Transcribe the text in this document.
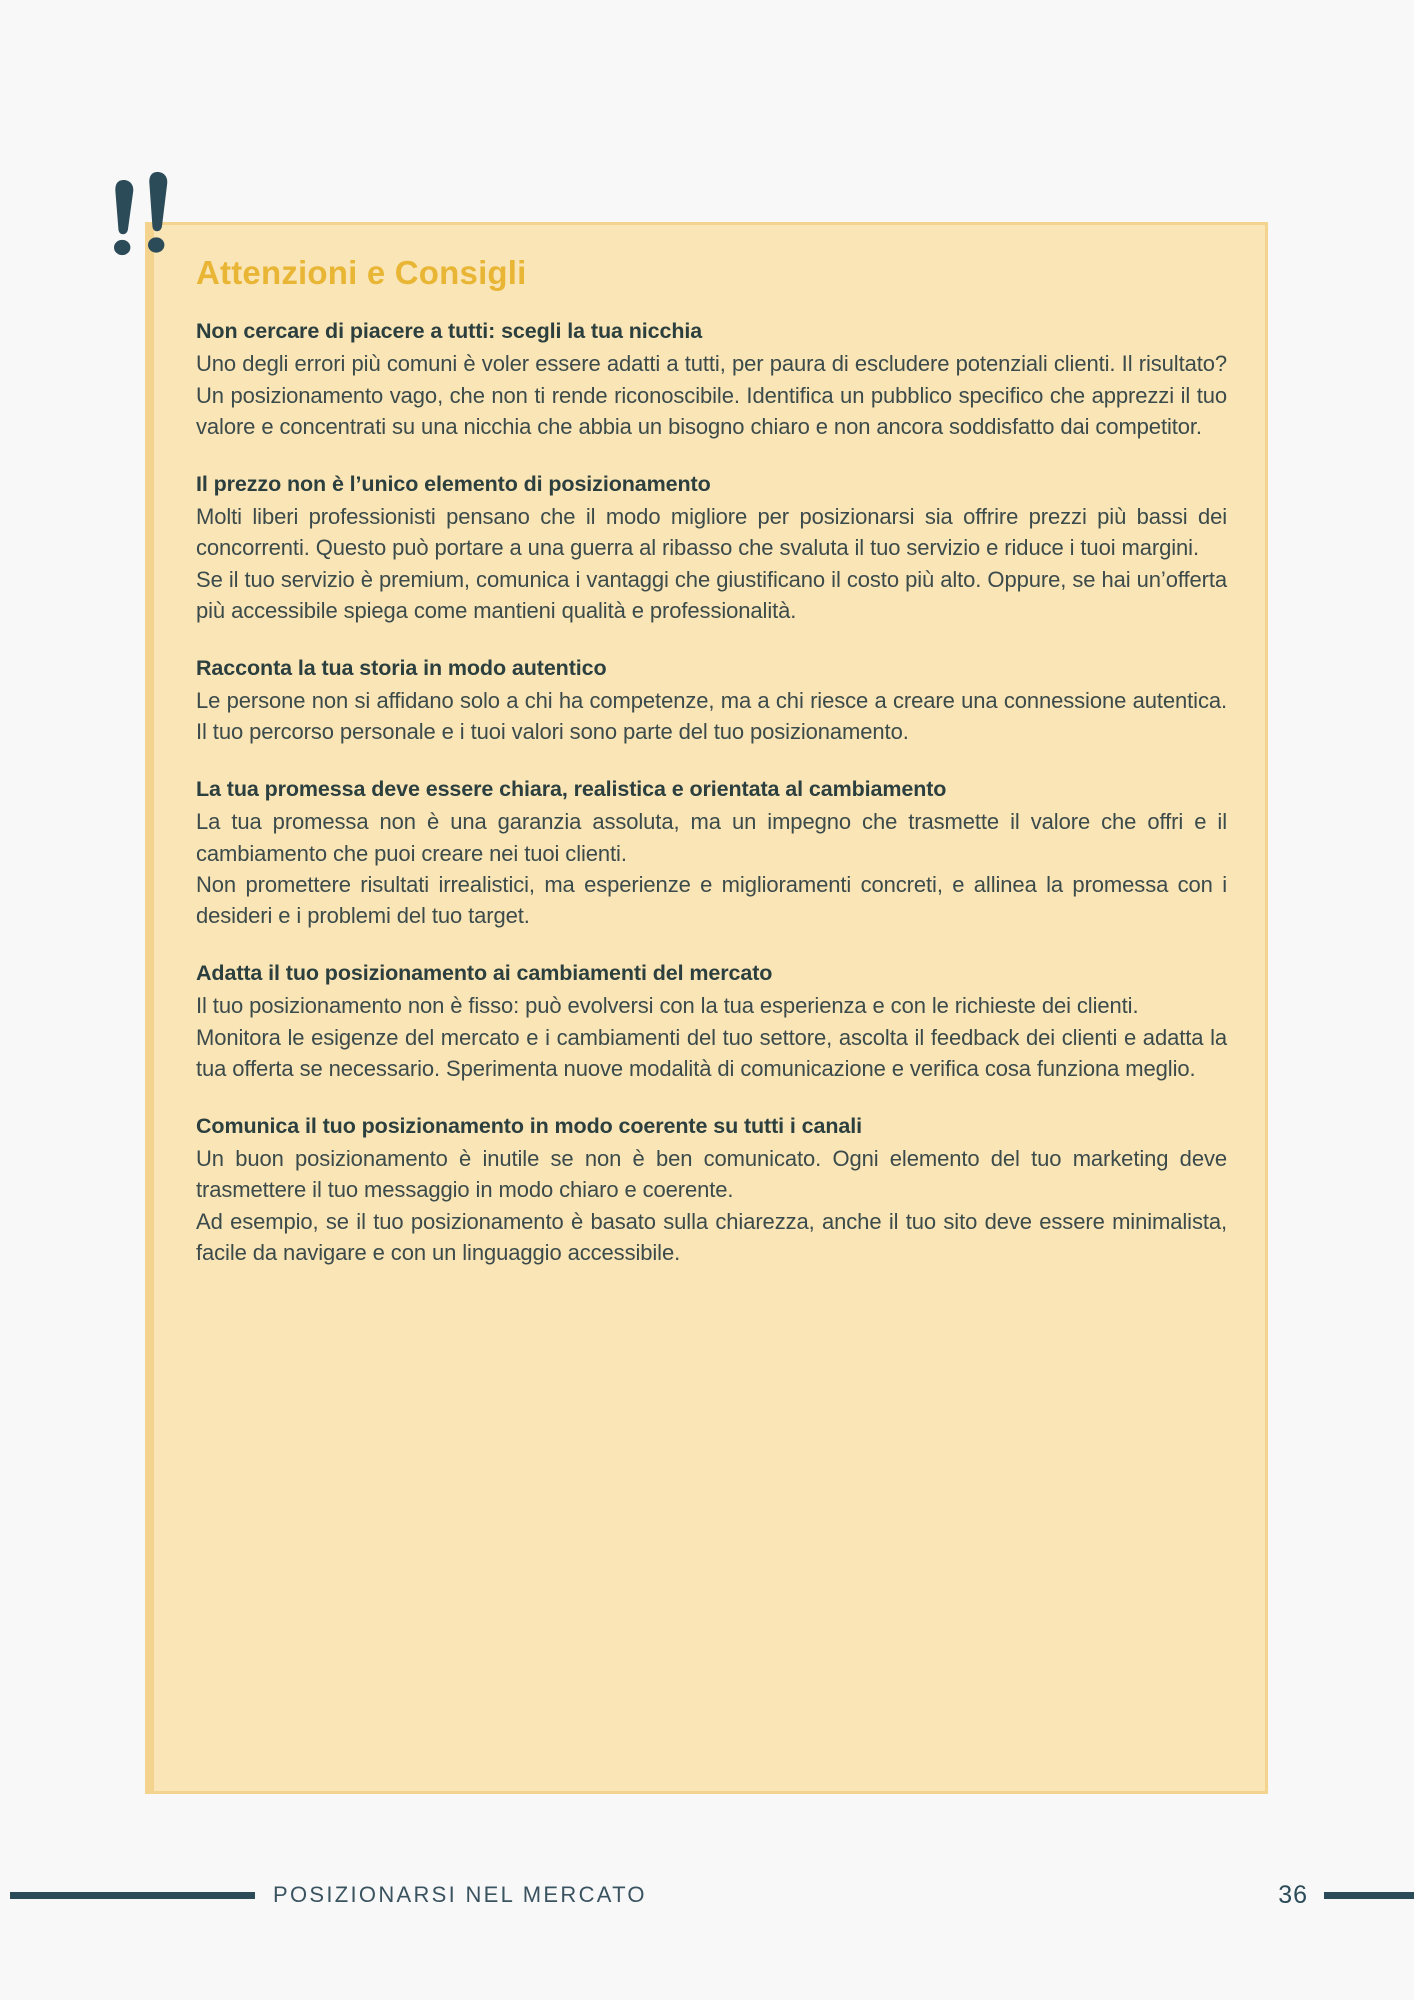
Attenzioni e Consigli
Non cercare di piacere a tutti: scegli la tua nicchia

Uno degli errori più comuni è voler essere adatti a tutti, per paura di escludere potenziali clienti. Il risultato? Un posizionamento vago, che non ti rende riconoscibile. Identifica un pubblico specifico che apprezzi il tuo valore e concentrati su una nicchia che abbia un bisogno chiaro e non ancora soddisfatto dai competitor.

Il prezzo non è l’unico elemento di posizionamento

Molti liberi professionisti pensano che il modo migliore per posizionarsi sia offrire prezzi più bassi dei concorrenti. Questo può portare a una guerra al ribasso che svaluta il tuo servizio e riduce i tuoi margini.

Se il tuo servizio è premium, comunica i vantaggi che giustificano il costo più alto. Oppure, se hai un’offerta più accessibile spiega come mantieni qualità e professionalità.

Racconta la tua storia in modo autentico

Le persone non si affidano solo a chi ha competenze, ma a chi riesce a creare una connessione autentica. Il tuo percorso personale e i tuoi valori sono parte del tuo posizionamento.

La tua promessa deve essere chiara, realistica e orientata al cambiamento

La tua promessa non è una garanzia assoluta, ma un impegno che trasmette il valore che offri e il cambiamento che puoi creare nei tuoi clienti.

Non promettere risultati irrealistici, ma esperienze e miglioramenti concreti, e allinea la promessa con i desideri e i problemi del tuo target.

Adatta il tuo posizionamento ai cambiamenti del mercato

Il tuo posizionamento non è fisso: può evolversi con la tua esperienza e con le richieste dei clienti.

Monitora le esigenze del mercato e i cambiamenti del tuo settore, ascolta il feedback dei clienti e adatta la tua offerta se necessario. Sperimenta nuove modalità di comunicazione e verifica cosa funziona meglio.

Comunica il tuo posizionamento in modo coerente su tutti i canali

Un buon posizionamento è inutile se non è ben comunicato. Ogni elemento del tuo marketing deve trasmettere il tuo messaggio in modo chiaro e coerente.

Ad esempio, se il tuo posizionamento è basato sulla chiarezza, anche il tuo sito deve essere minimalista, facile da navigare e con un linguaggio accessibile.

POSIZIONARSI NEL MERCATO	36
